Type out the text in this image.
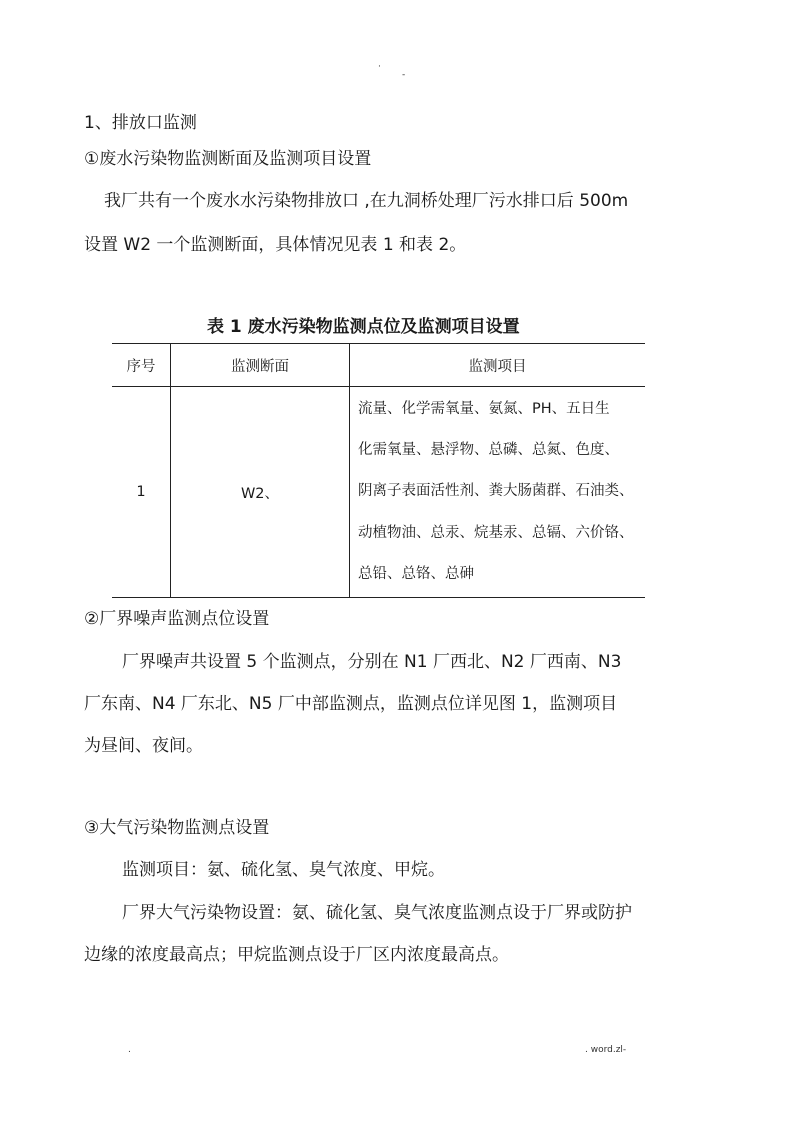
·
-
1、排放口监测
①废水污染物监测断面及监测项目设置
我厂共有一个废水水污染物排放口 ,在九洞桥处理厂污水排口后 500m
设置 W2 一个监测断面，具体情况见表 1 和表 2。
表 1 废水污染物监测点位及监测项目设置
序号	监测断面	监测项目
1	W2、	流量、化学需氧量、氨氮、PH、五日生
化需氧量、悬浮物、总磷、总氮、色度、
阴离子表面活性剂、粪大肠菌群、石油类、
动植物油、总汞、烷基汞、总镉、六价铬、
总铅、总铬、总砷
②厂界噪声监测点位设置
厂界噪声共设置 5 个监测点，分别在 N1 厂西北、N2 厂西南、N3
厂东南、N4 厂东北、N5 厂中部监测点，监测点位详见图 1，监测项目
为昼间、夜间。
③大气污染物监测点设置
监测项目：氨、硫化氢、臭气浓度、甲烷。
厂界大气污染物设置：氨、硫化氢、臭气浓度监测点设于厂界或防护
边缘的浓度最高点；甲烷监测点设于厂区内浓度最高点。
.	. word.zl-
